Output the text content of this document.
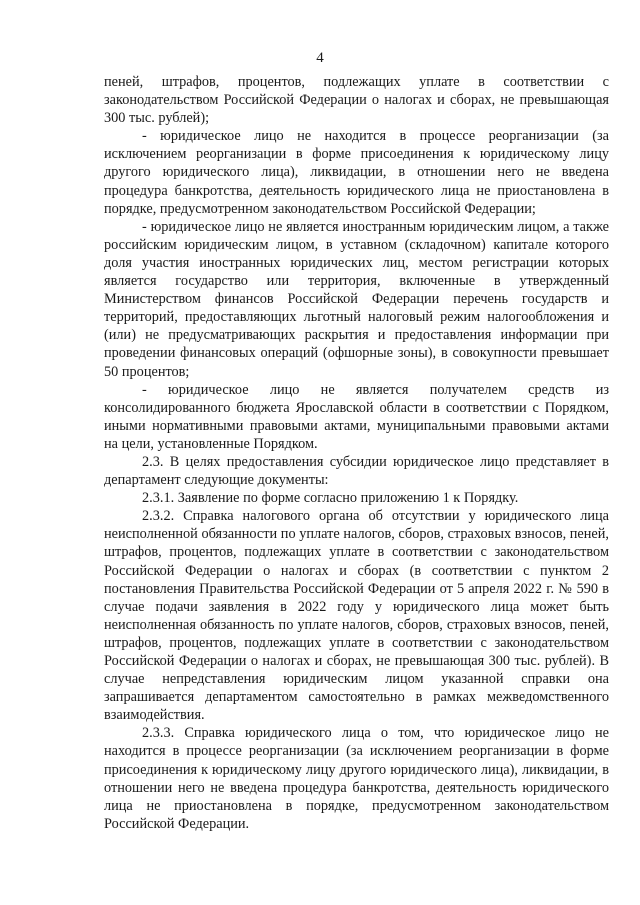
4

пеней, штрафов, процентов, подлежащих уплате в соответствии с законодательством Российской Федерации о налогах и сборах, не превышающая 300 тыс. рублей);

- юридическое лицо не находится в процессе реорганизации (за исключением реорганизации в форме присоединения к юридическому лицу другого юридического лица), ликвидации, в отношении него не введена процедура банкротства, деятельность юридического лица не приостановлена в порядке, предусмотренном законодательством Российской Федерации;

- юридическое лицо не является иностранным юридическим лицом, а также российским юридическим лицом, в уставном (складочном) капитале которого доля участия иностранных юридических лиц, местом регистрации которых является государство или территория, включенные в утвержденный Министерством финансов Российской Федерации перечень государств и территорий, предоставляющих льготный налоговый режим налогообложения и (или) не предусматривающих раскрытия и предоставления информации при проведении финансовых операций (офшорные зоны), в совокупности превышает 50 процентов;

- юридическое лицо не является получателем средств из консолидированного бюджета Ярославской области в соответствии с Порядком, иными нормативными правовыми актами, муниципальными правовыми актами на цели, установленные Порядком.

2.3. В целях предоставления субсидии юридическое лицо представляет в департамент следующие документы:

2.3.1. Заявление по форме согласно приложению 1 к Порядку.

2.3.2. Справка налогового органа об отсутствии у юридического лица неисполненной обязанности по уплате налогов, сборов, страховых взносов, пеней, штрафов, процентов, подлежащих уплате в соответствии с законодательством Российской Федерации о налогах и сборах (в соответствии с пунктом 2 постановления Правительства Российской Федерации от 5 апреля 2022 г. № 590 в случае подачи заявления в 2022 году у юридического лица может быть неисполненная обязанность по уплате налогов, сборов, страховых взносов, пеней, штрафов, процентов, подлежащих уплате в соответствии с законодательством Российской Федерации о налогах и сборах, не превышающая 300 тыс. рублей). В случае непредставления юридическим лицом указанной справки она запрашивается департаментом самостоятельно в рамках межведомственного взаимодействия.

2.3.3. Справка юридического лица о том, что юридическое лицо не находится в процессе реорганизации (за исключением реорганизации в форме присоединения к юридическому лицу другого юридического лица), ликвидации, в отношении него не введена процедура банкротства, деятельность юридического лица не приостановлена в порядке, предусмотренном законодательством Российской Федерации.
